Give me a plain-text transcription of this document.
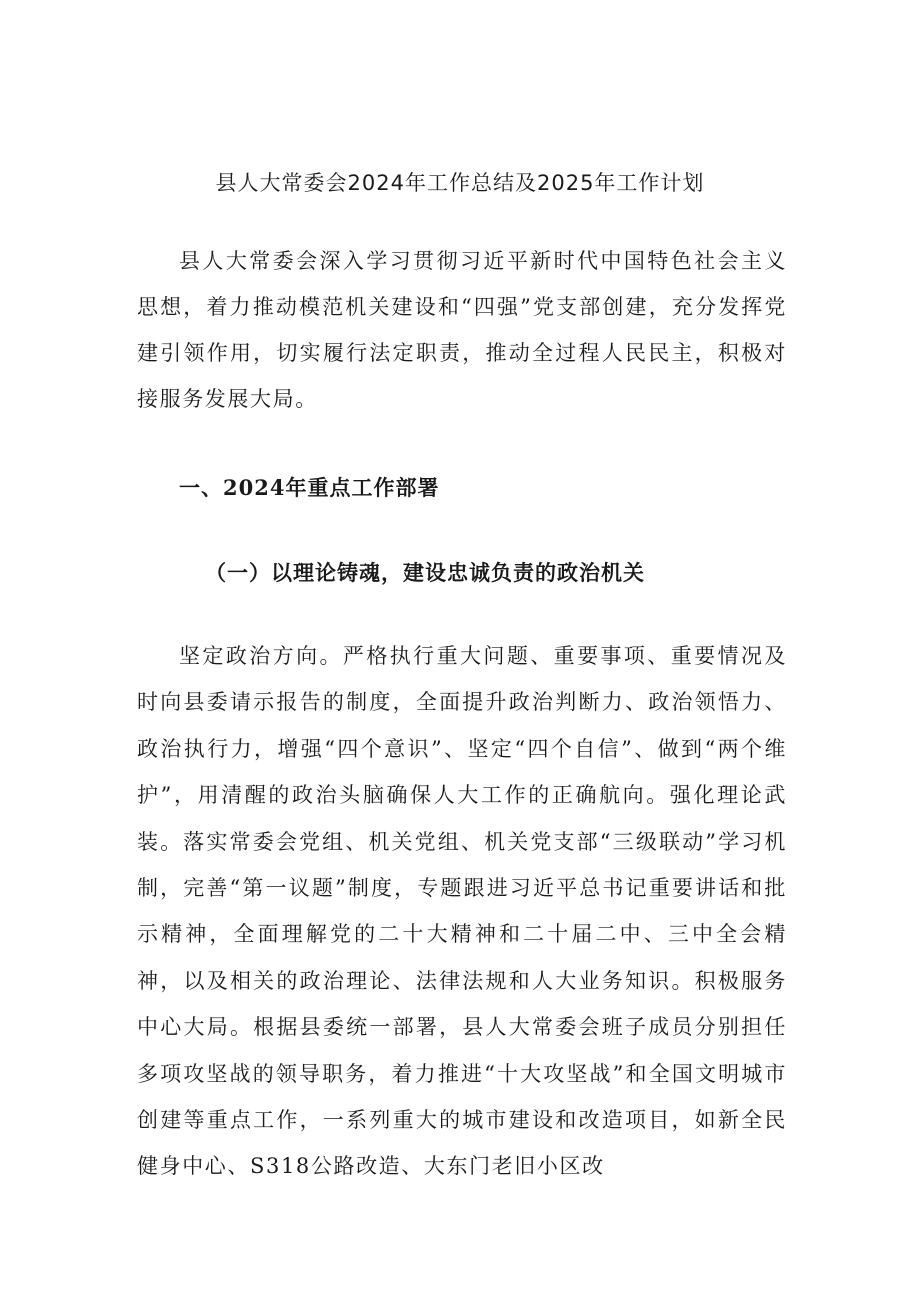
县人大常委会2024年工作总结及2025年工作计划

县人大常委会深入学习贯彻习近平新时代中国特色社会主义思想，着力推动模范机关建设和“四强”党支部创建，充分发挥党建引领作用，切实履行法定职责，推动全过程人民民主，积极对接服务发展大局。

一、2024年重点工作部署
（一）以理论铸魂，建设忠诚负责的政治机关

坚定政治方向。严格执行重大问题、重要事项、重要情况及时向县委请示报告的制度，全面提升政治判断力、政治领悟力、政治执行力，增强“四个意识”、坚定“四个自信”、做到“两个维护”，用清醒的政治头脑确保人大工作的正确航向。强化理论武装。落实常委会党组、机关党组、机关党支部“三级联动”学习机制，完善“第一议题”制度，专题跟进习近平总书记重要讲话和批示精神，全面理解党的二十大精神和二十届二中、三中全会精神，以及相关的政治理论、法律法规和人大业务知识。积极服务中心大局。根据县委统一部署，县人大常委会班子成员分别担任多项攻坚战的领导职务，着力推进“十大攻坚战”和全国文明城市创建等重点工作，一系列重大的城市建设和改造项目，如新全民健身中心、S318公路改造、大东门老旧小区改
